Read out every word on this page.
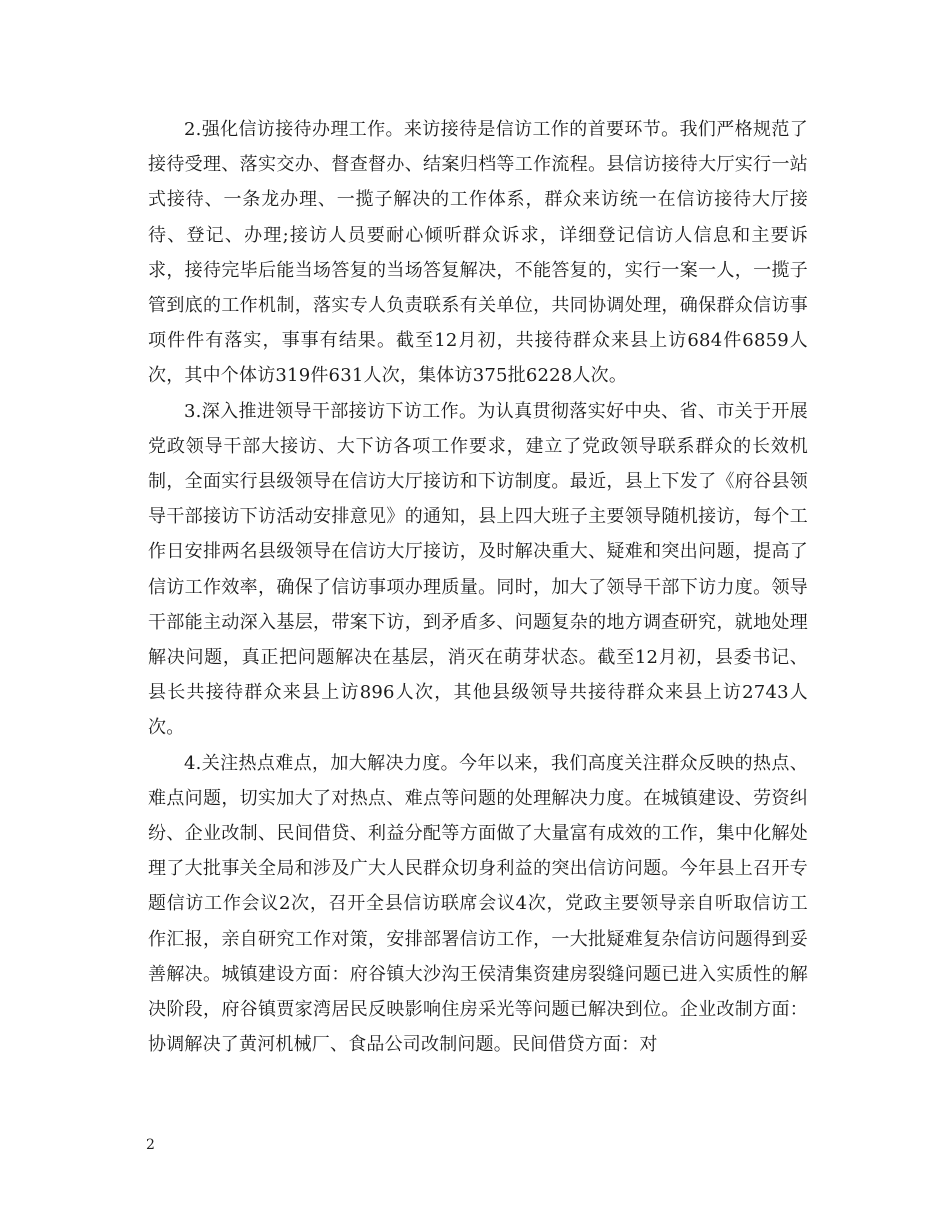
2.强化信访接待办理工作。来访接待是信访工作的首要环节。我们严格规范了接待受理、落实交办、督查督办、结案归档等工作流程。县信访接待大厅实行一站式接待、一条龙办理、一揽子解决的工作体系，群众来访统一在信访接待大厅接待、登记、办理;接访人员要耐心倾听群众诉求，详细登记信访人信息和主要诉求，接待完毕后能当场答复的当场答复解决，不能答复的，实行一案一人，一揽子管到底的工作机制，落实专人负责联系有关单位，共同协调处理，确保群众信访事项件件有落实，事事有结果。截至12月初，共接待群众来县上访684件6859人次，其中个体访319件631人次，集体访375批6228人次。

3.深入推进领导干部接访下访工作。为认真贯彻落实好中央、省、市关于开展党政领导干部大接访、大下访各项工作要求，建立了党政领导联系群众的长效机制，全面实行县级领导在信访大厅接访和下访制度。最近，县上下发了《府谷县领导干部接访下访活动安排意见》的通知，县上四大班子主要领导随机接访，每个工作日安排两名县级领导在信访大厅接访，及时解决重大、疑难和突出问题，提高了信访工作效率，确保了信访事项办理质量。同时，加大了领导干部下访力度。领导干部能主动深入基层，带案下访，到矛盾多、问题复杂的地方调查研究，就地处理解决问题，真正把问题解决在基层，消灭在萌芽状态。截至12月初，县委书记、县长共接待群众来县上访896人次，其他县级领导共接待群众来县上访2743人次。

4.关注热点难点，加大解决力度。今年以来，我们高度关注群众反映的热点、难点问题，切实加大了对热点、难点等问题的处理解决力度。在城镇建设、劳资纠纷、企业改制、民间借贷、利益分配等方面做了大量富有成效的工作，集中化解处理了大批事关全局和涉及广大人民群众切身利益的突出信访问题。今年县上召开专题信访工作会议2次，召开全县信访联席会议4次，党政主要领导亲自听取信访工作汇报，亲自研究工作对策，安排部署信访工作，一大批疑难复杂信访问题得到妥善解决。城镇建设方面：府谷镇大沙沟王侯清集资建房裂缝问题已进入实质性的解决阶段，府谷镇贾家湾居民反映影响住房采光等问题已解决到位。企业改制方面：协调解决了黄河机械厂、食品公司改制问题。民间借贷方面：对

2
